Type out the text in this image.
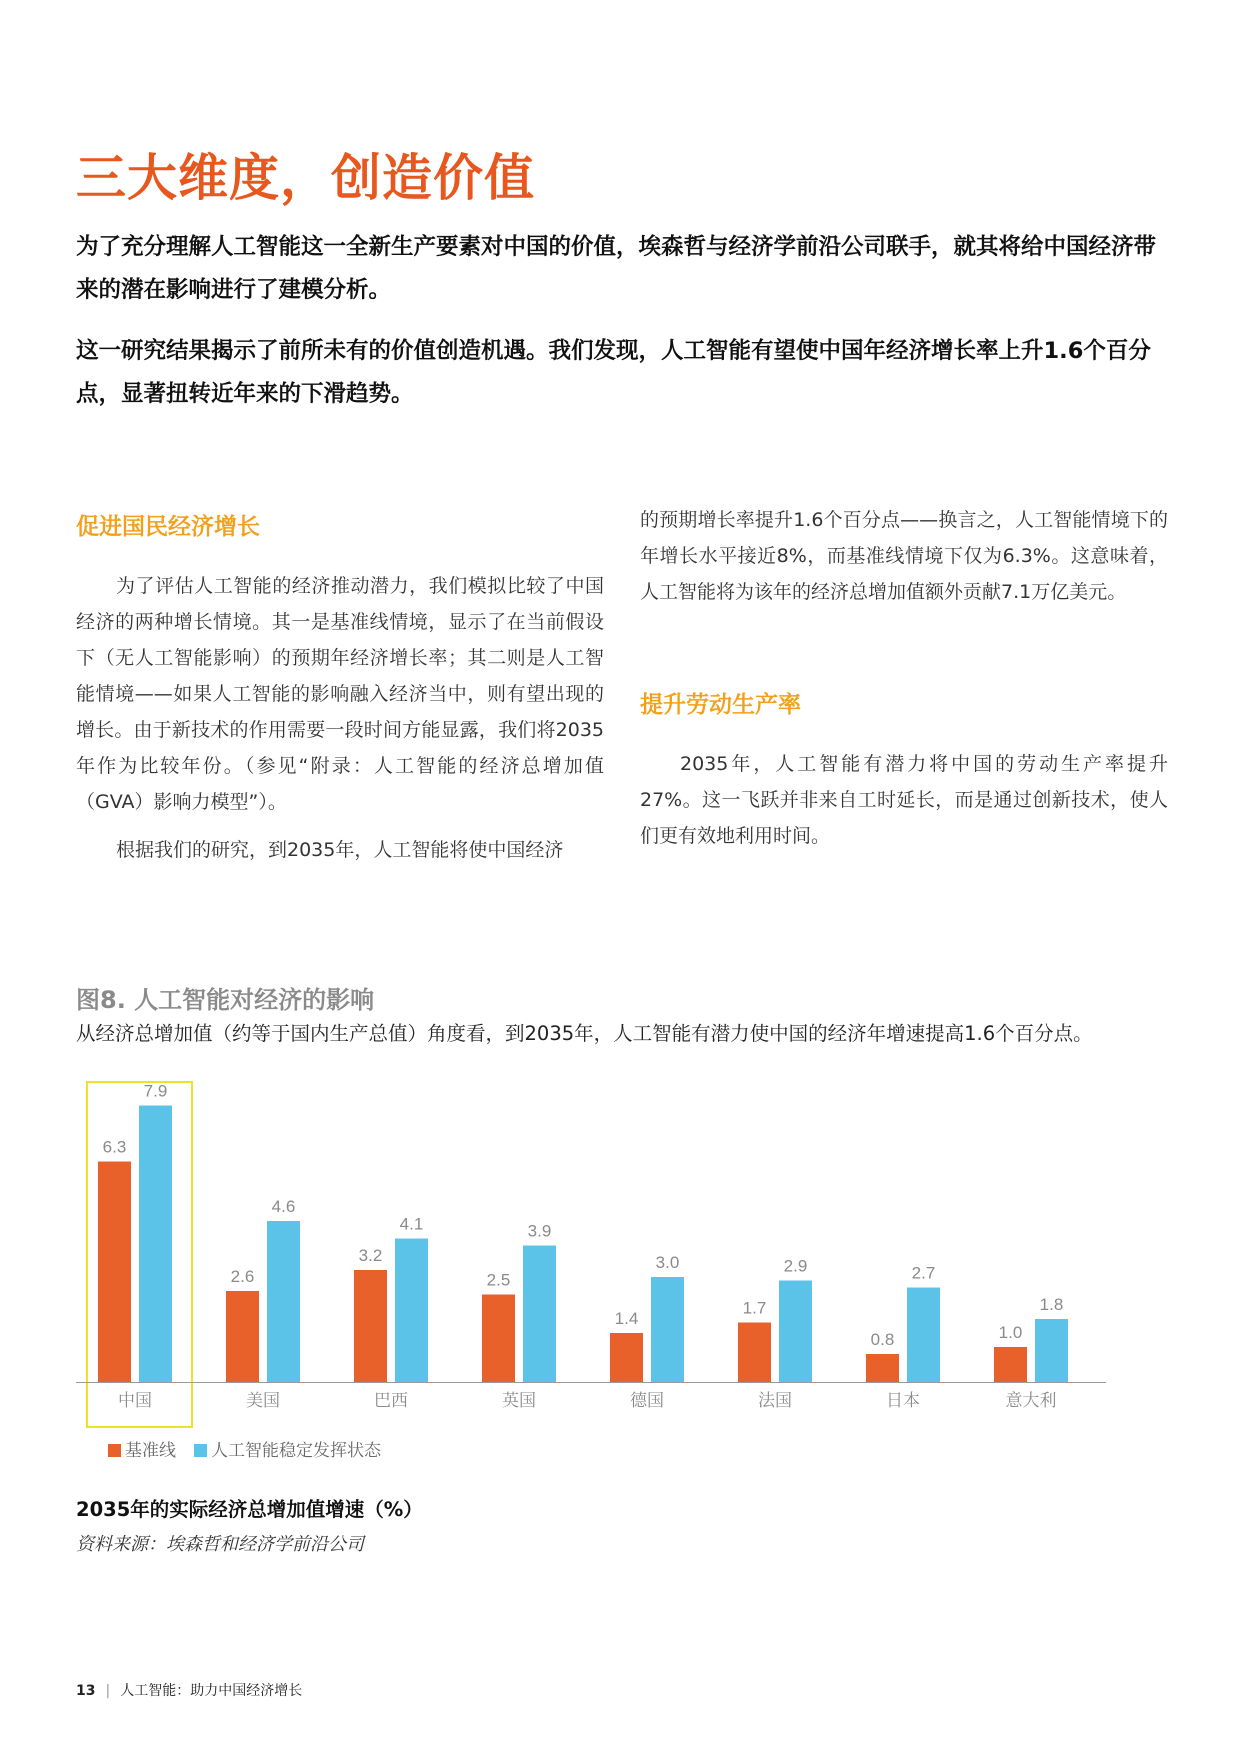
三大维度，创造价值
为了充分理解人工智能这一全新生产要素对中国的价值，埃森哲与经济学前沿公司联手，就其将给中国经济带来的潜在影响进行了建模分析。
这一研究结果揭示了前所未有的价值创造机遇。我们发现，人工智能有望使中国年经济增长率上升1.6个百分点，显著扭转近年来的下滑趋势。
促进国民经济增长
为了评估人工智能的经济推动潜力，我们模拟比较了中国经济的两种增长情境。其一是基准线情境，显示了在当前假设下（无人工智能影响）的预期年经济增长率；其二则是人工智能情境——如果人工智能的影响融入经济当中，则有望出现的增长。由于新技术的作用需要一段时间方能显露，我们将2035年作为比较年份。（参见“附录：人工智能的经济总增加值（GVA）影响力模型”）。
根据我们的研究，到2035年，人工智能将使中国经济
的预期增长率提升1.6个百分点——换言之，人工智能情境下的年增长水平接近8%，而基准线情境下仅为6.3%。这意味着，人工智能将为该年的经济总增加值额外贡献7.1万亿美元。
提升劳动生产率
2035年，人工智能有潜力将中国的劳动生产率提升27%。这一飞跃并非来自工时延长，而是通过创新技术，使人们更有效地利用时间。
图8. 人工智能对经济的影响
从经济总增加值（约等于国内生产总值）角度看，到2035年，人工智能有潜力使中国的经济年增速提高1.6个百分点。
6.3
7.9
中国
2.6
4.6
美国
3.2
4.1
巴西
2.5
3.9
英国
1.4
3.0
德国
1.7
2.9
法国
0.8
2.7
日本
1.0
1.8
意大利
基准线 人工智能稳定发挥状态
2035年的实际经济总增加值增速（%）
资料来源：埃森哲和经济学前沿公司
13 | 人工智能：助力中国经济增长
